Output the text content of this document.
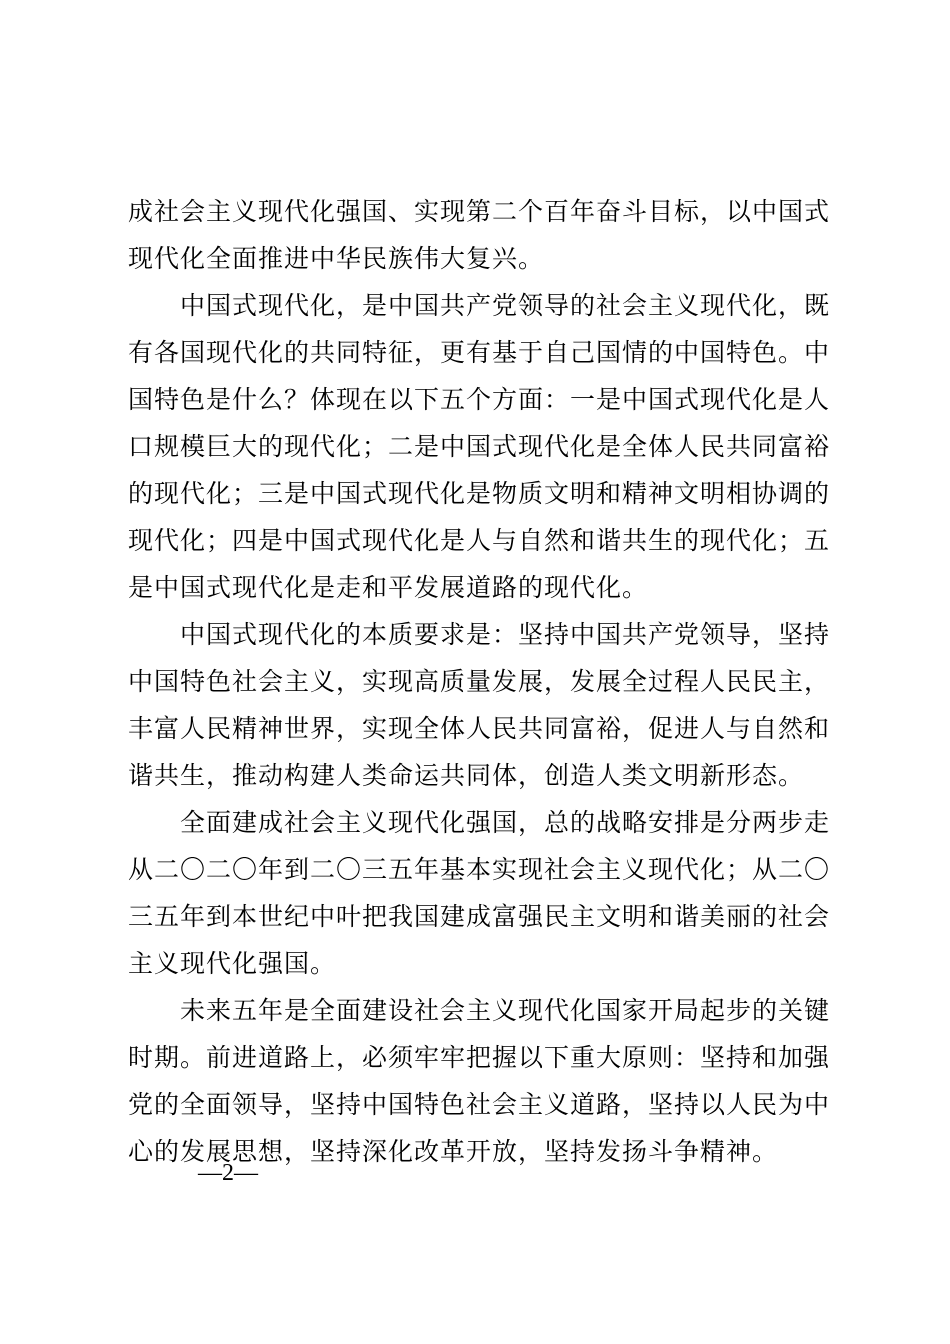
成社会主义现代化强国、实现第二个百年奋斗目标，以中国式
现代化全面推进中华民族伟大复兴。
中国式现代化，是中国共产党领导的社会主义现代化，既
有各国现代化的共同特征，更有基于自己国情的中国特色。中
国特色是什么？体现在以下五个方面：一是中国式现代化是人
口规模巨大的现代化；二是中国式现代化是全体人民共同富裕
的现代化；三是中国式现代化是物质文明和精神文明相协调的
现代化；四是中国式现代化是人与自然和谐共生的现代化；五
是中国式现代化是走和平发展道路的现代化。
中国式现代化的本质要求是：坚持中国共产党领导，坚持
中国特色社会主义，实现高质量发展，发展全过程人民民主，
丰富人民精神世界，实现全体人民共同富裕，促进人与自然和
谐共生，推动构建人类命运共同体，创造人类文明新形态。
全面建成社会主义现代化强国，总的战略安排是分两步走
从二〇二〇年到二〇三五年基本实现社会主义现代化；从二〇
三五年到本世纪中叶把我国建成富强民主文明和谐美丽的社会
主义现代化强国。
未来五年是全面建设社会主义现代化国家开局起步的关键
时期。前进道路上，必须牢牢把握以下重大原则：坚持和加强
党的全面领导，坚持中国特色社会主义道路，坚持以人民为中
心的发展思想，坚持深化改革开放，坚持发扬斗争精神。
—2—
